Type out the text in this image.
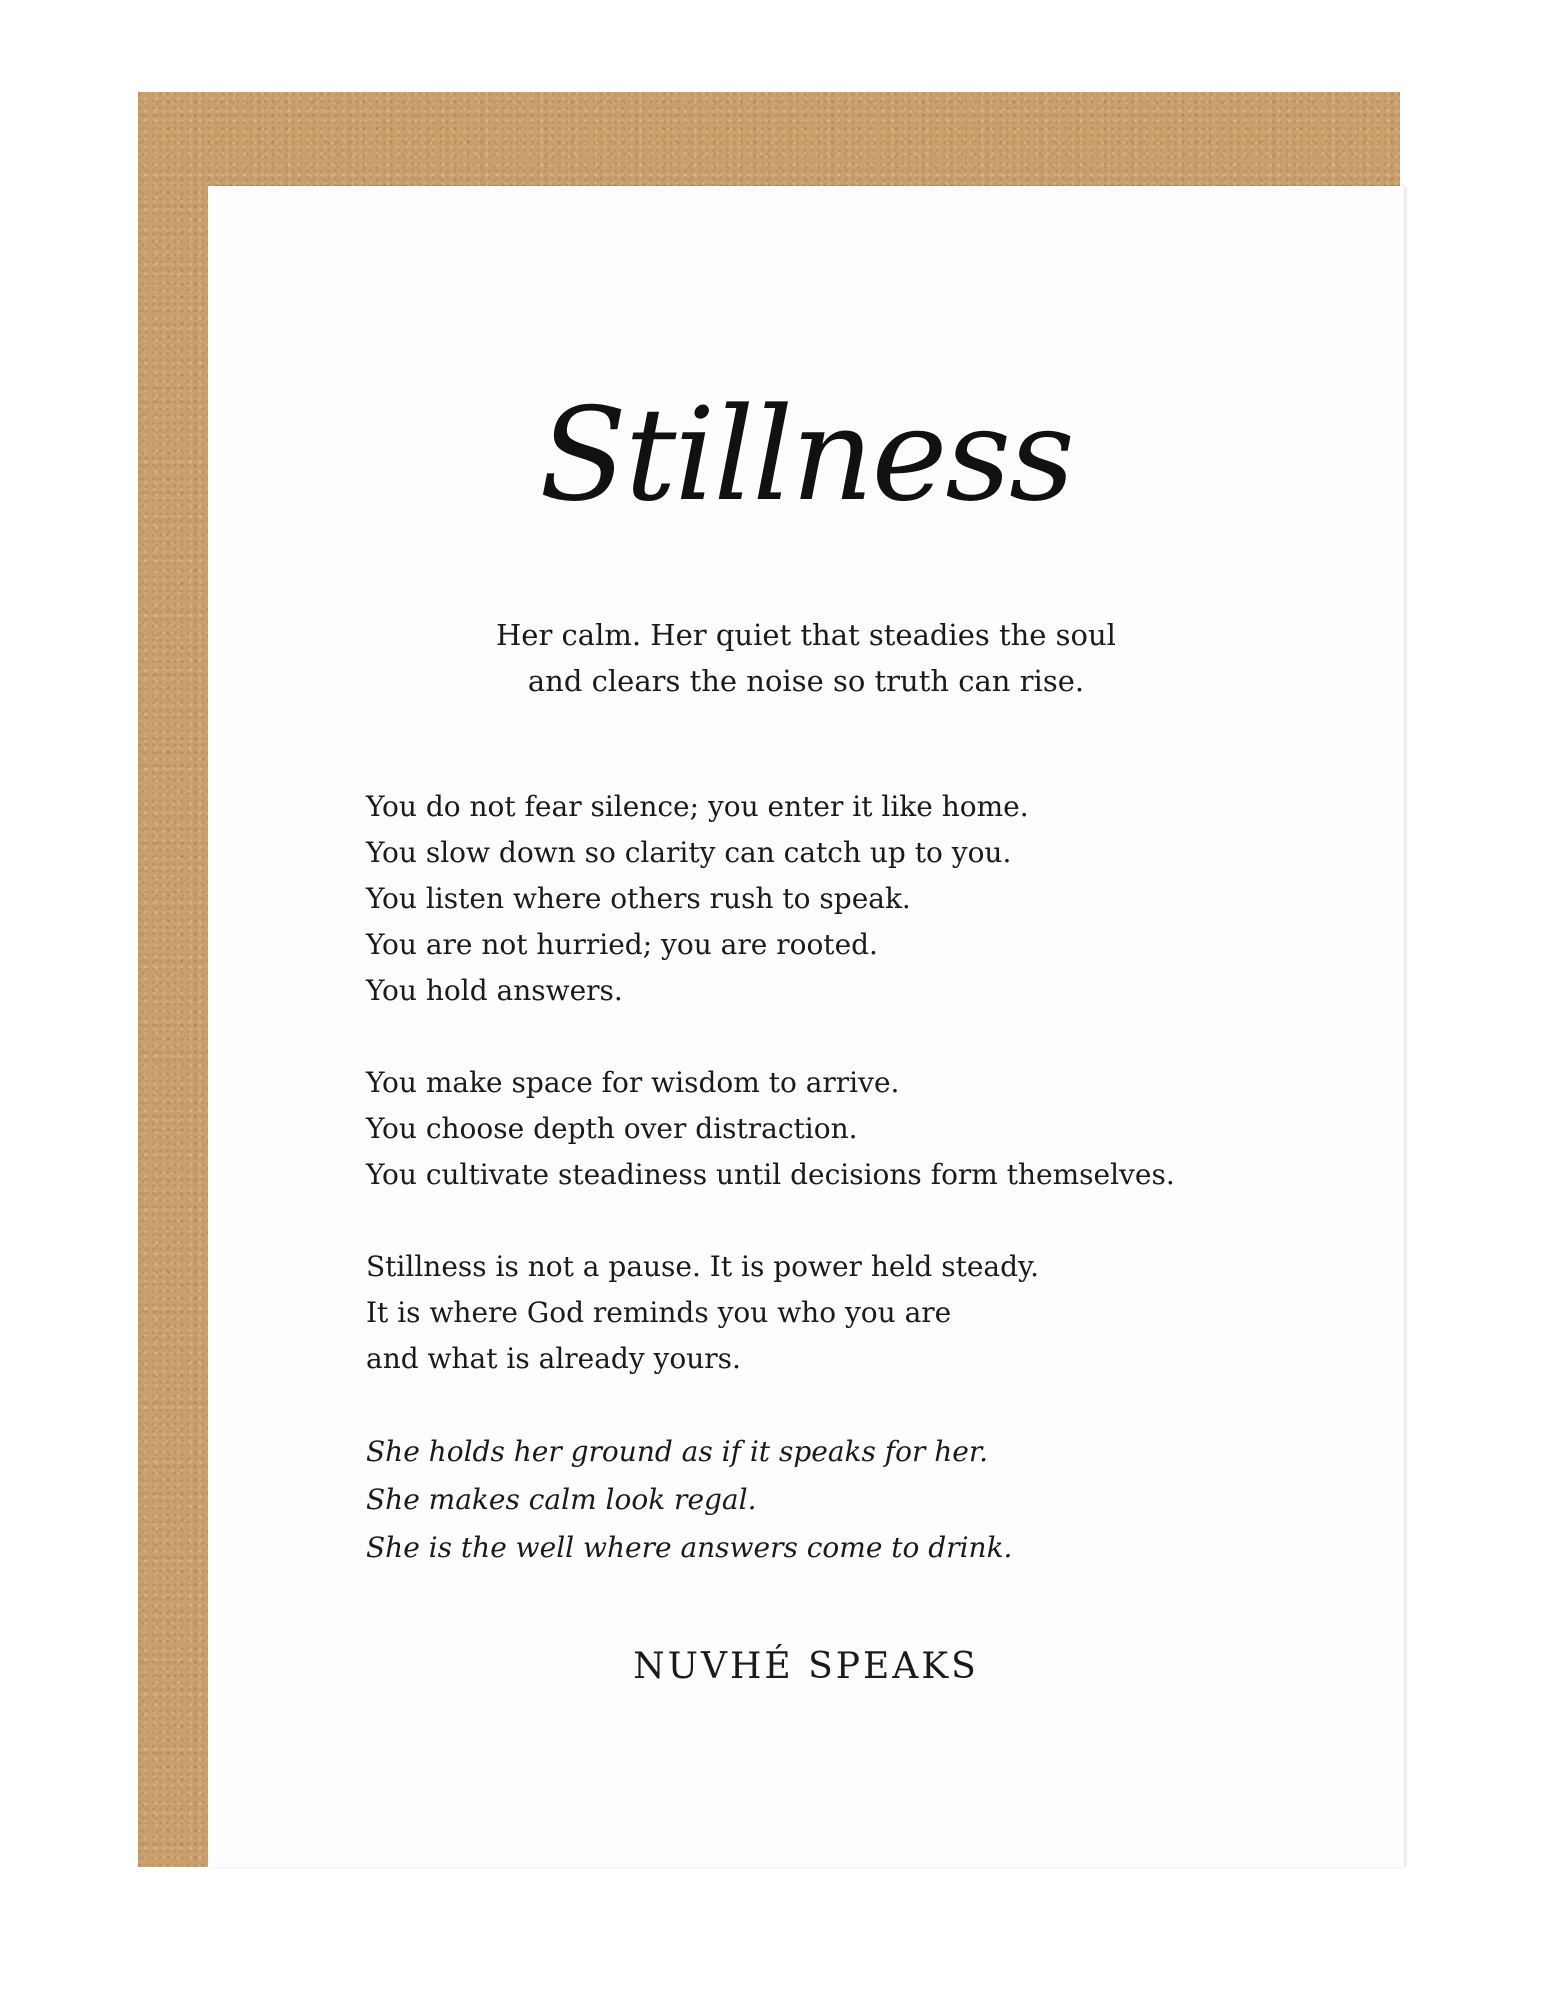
Stillness
Her calm. Her quiet that steadies the soul
and clears the noise so truth can rise.
You do not fear silence; you enter it like home.
You slow down so clarity can catch up to you.
You listen where others rush to speak.
You are not hurried; you are rooted.
You hold answers.
You make space for wisdom to arrive.
You choose depth over distraction.
You cultivate steadiness until decisions form themselves.
Stillness is not a pause. It is power held steady.
It is where God reminds you who you are
and what is already yours.
She holds her ground as if it speaks for her.
She makes calm look regal.
She is the well where answers come to drink.
NUVHÉ SPEAKS
